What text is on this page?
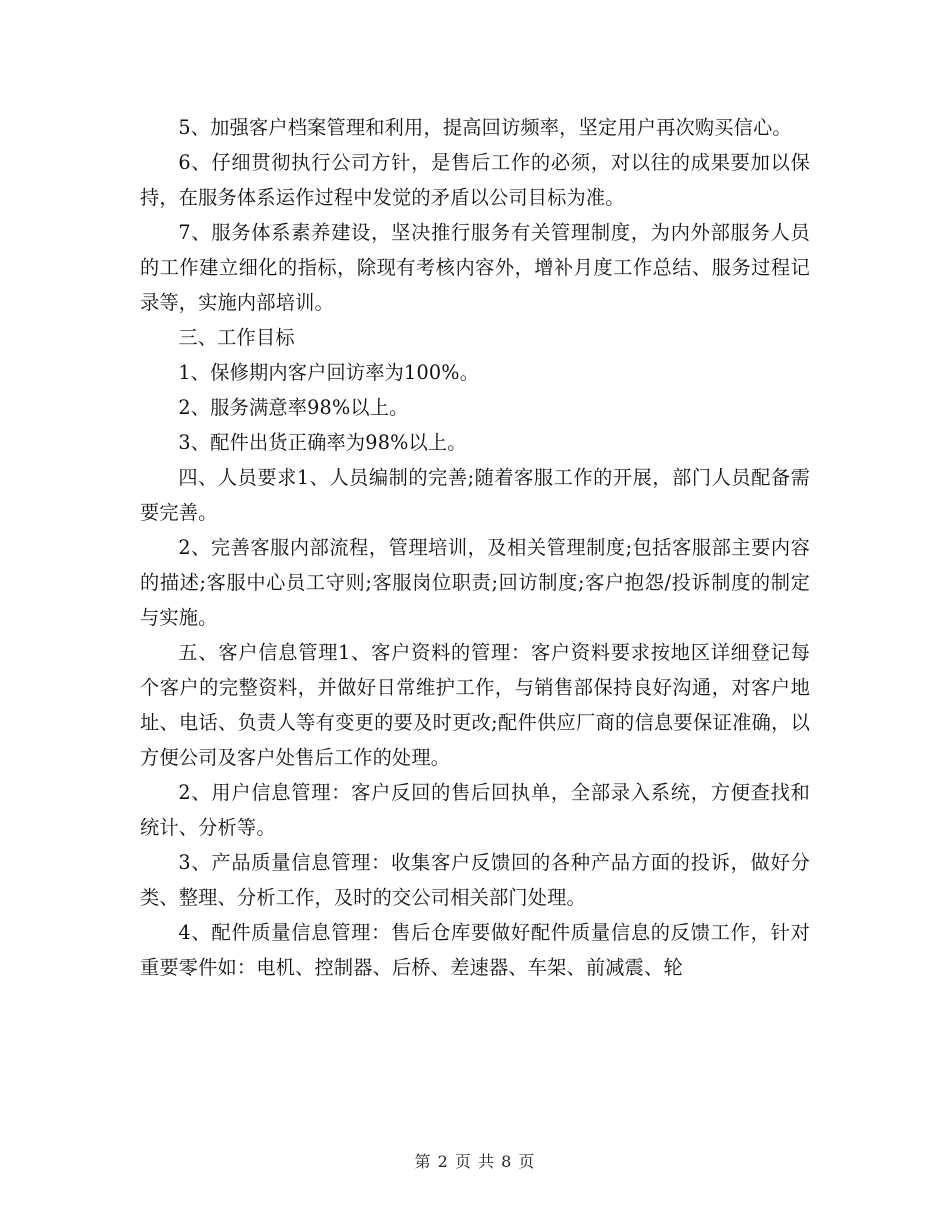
5、加强客户档案管理和利用，提高回访频率，坚定用户再次购买信心。

6、仔细贯彻执行公司方针，是售后工作的必须，对以往的成果要加以保持，在服务体系运作过程中发觉的矛盾以公司目标为准。

7、服务体系素养建设，坚决推行服务有关管理制度，为内外部服务人员的工作建立细化的指标，除现有考核内容外，增补月度工作总结、服务过程记录等，实施内部培训。

三、工作目标

1、保修期内客户回访率为100%。

2、服务满意率98%以上。

3、配件出货正确率为98%以上。

四、人员要求1、人员编制的完善;随着客服工作的开展，部门人员配备需要完善。

2、完善客服内部流程，管理培训，及相关管理制度;包括客服部主要内容的描述;客服中心员工守则;客服岗位职责;回访制度;客户抱怨/投诉制度的制定与实施。

五、客户信息管理1、客户资料的管理：客户资料要求按地区详细登记每个客户的完整资料，并做好日常维护工作，与销售部保持良好沟通，对客户地址、电话、负责人等有变更的要及时更改;配件供应厂商的信息要保证准确，以方便公司及客户处售后工作的处理。

2、用户信息管理：客户反回的售后回执单，全部录入系统，方便查找和统计、分析等。

3、产品质量信息管理：收集客户反馈回的各种产品方面的投诉，做好分类、整理、分析工作，及时的交公司相关部门处理。

4、配件质量信息管理：售后仓库要做好配件质量信息的反馈工作，针对重要零件如：电机、控制器、后桥、差速器、车架、前减震、轮

第 2 页 共 8 页
